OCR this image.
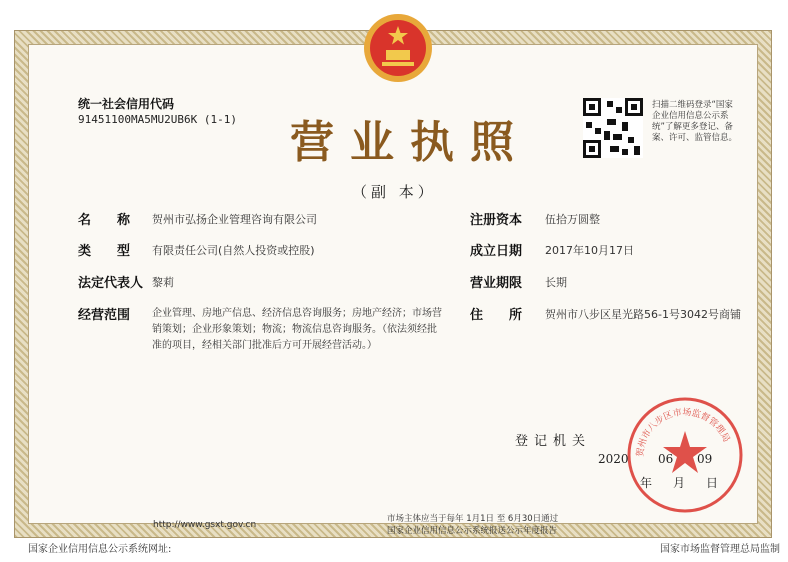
统一社会信用代码
91451100MA5MU2UB6K (1-1) 营业执照
（副 本）
扫描二维码登录“国家企业信用信息公示系统”了解更多登记、备案、许可、监管信息。
名　　称 贺州市弘扬企业管理咨询有限公司
类　　型 有限责任公司(自然人投资或控股)
法定代表人 黎莉
经营范围 企业管理、房地产信息、经济信息咨询服务；房地产经济；市场营销策划；企业形象策划；物流；物流信息咨询服务。（依法须经批准的项目，经相关部门批准后方可开展经营活动。）
注册资本 伍拾万圆整
成立日期 2017年10月17日
营业期限 长期
住　　所 贺州市八步区星光路56-1号3042号商铺
登记机关
贺州市八步区市场监督管理局
2020 06 09
年 月 日
http://www.gsxt.gov.cn
市场主体应当于每年 1月1日 至 6月30日通过
国家企业信用信息公示系统报送公示年度报告
国家企业信用信息公示系统网址:	国家市场监督管理总局监制
